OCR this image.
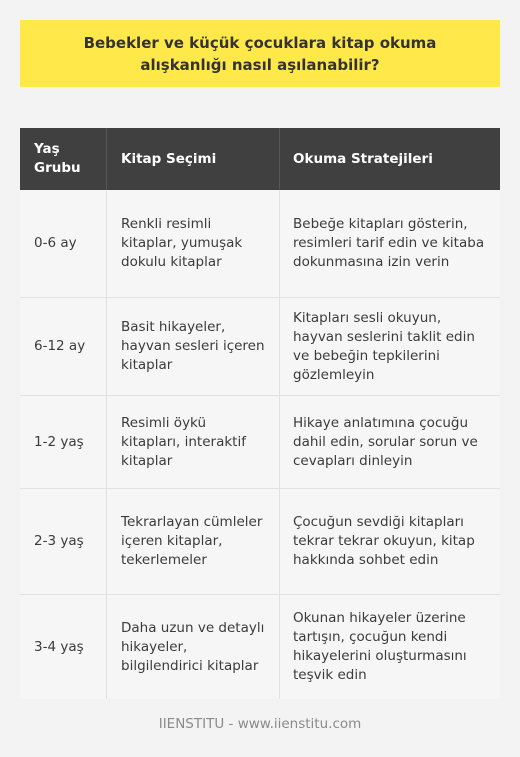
Bebekler ve küçük çocuklara kitap okuma alışkanlığı nasıl aşılanabilir?
Yaş Grubu
Kitap Seçimi	Okuma Stratejileri
0-6 ay
Renkli resimli kitaplar, yumuşak dokulu kitaplar
Bebeğe kitapları gösterin, resimleri tarif edin ve kitaba dokunmasına izin verin
6-12 ay
Basit hikayeler, hayvan sesleri içeren kitaplar
Kitapları sesli okuyun, hayvan seslerini taklit edin ve bebeğin tepkilerini gözlemleyin
1-2 yaş
Resimli öykü kitapları, interaktif kitaplar
Hikaye anlatımına çocuğu dahil edin, sorular sorun ve cevapları dinleyin
2-3 yaş
Tekrarlayan cümleler içeren kitaplar, tekerlemeler
Çocuğun sevdiği kitapları tekrar tekrar okuyun, kitap hakkında sohbet edin
3-4 yaş
Daha uzun ve detaylı hikayeler, bilgilendirici kitaplar
Okunan hikayeler üzerine tartışın, çocuğun kendi hikayelerini oluşturmasını teşvik edin
IIENSTITU - www.iienstitu.com
